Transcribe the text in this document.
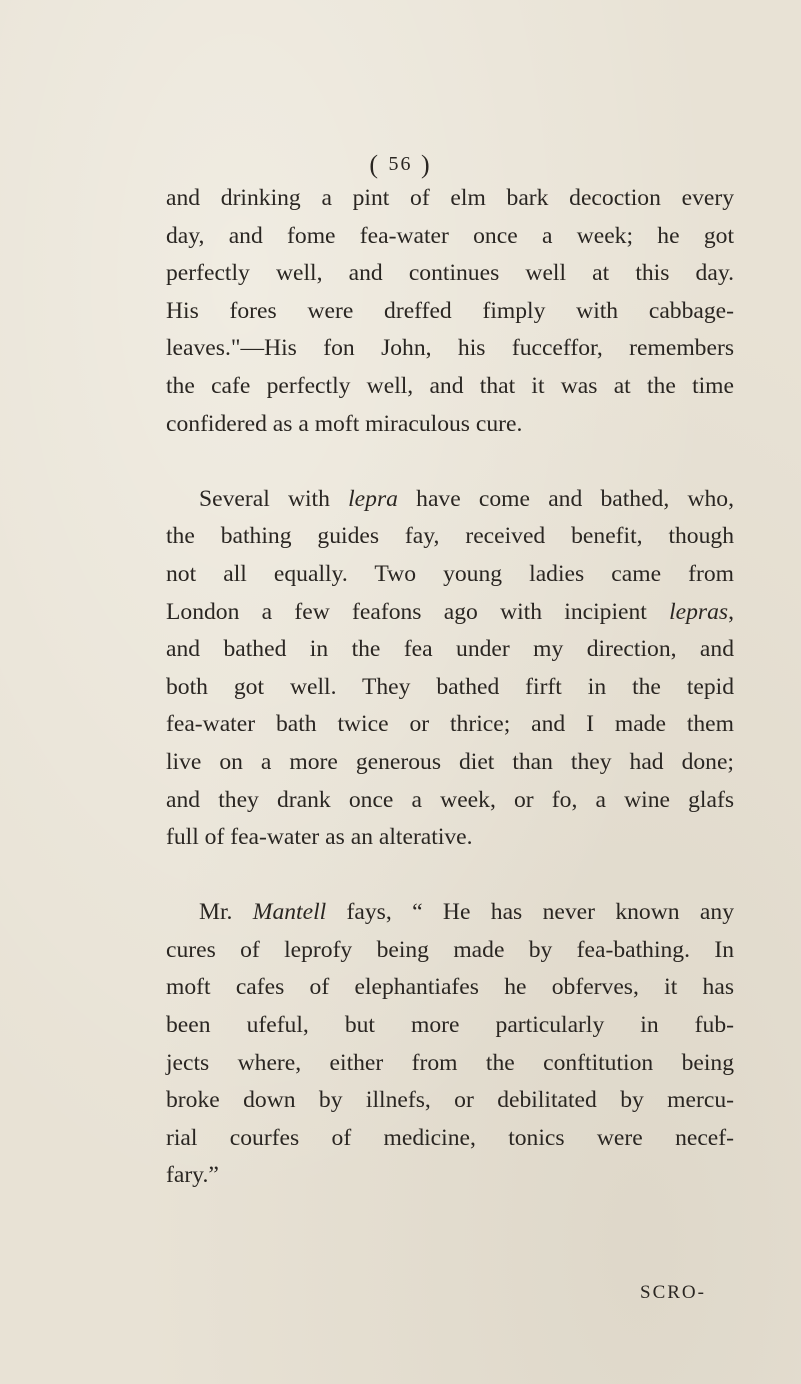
( 56 )
and drinking a pint of elm bark decoction every
day, and fome fea-water once a week; he got
perfectly well, and continues well at this day.
His fores were dreffed fimply with cabbage-
leaves."—His fon John, his fucceffor, remembers
the cafe perfectly well, and that it was at the time
confidered as a moft miraculous cure.
Several with lepra have come and bathed, who,
the bathing guides fay, received benefit, though
not all equally. Two young ladies came from
London a few feafons ago with incipient lepras,
and bathed in the fea under my direction, and
both got well. They bathed firft in the tepid
fea-water bath twice or thrice; and I made them
live on a more generous diet than they had done;
and they drank once a week, or fo, a wine glafs
full of fea-water as an alterative.
Mr. Mantell fays, “ He has never known any
cures of leprofy being made by fea-bathing. In
moft cafes of elephantiafes he obferves, it has
been ufeful, but more particularly in fub-
jects where, either from the conftitution being
broke down by illnefs, or debilitated by mercu-
rial courfes of medicine, tonics were necef-
fary.”
SCRO-
